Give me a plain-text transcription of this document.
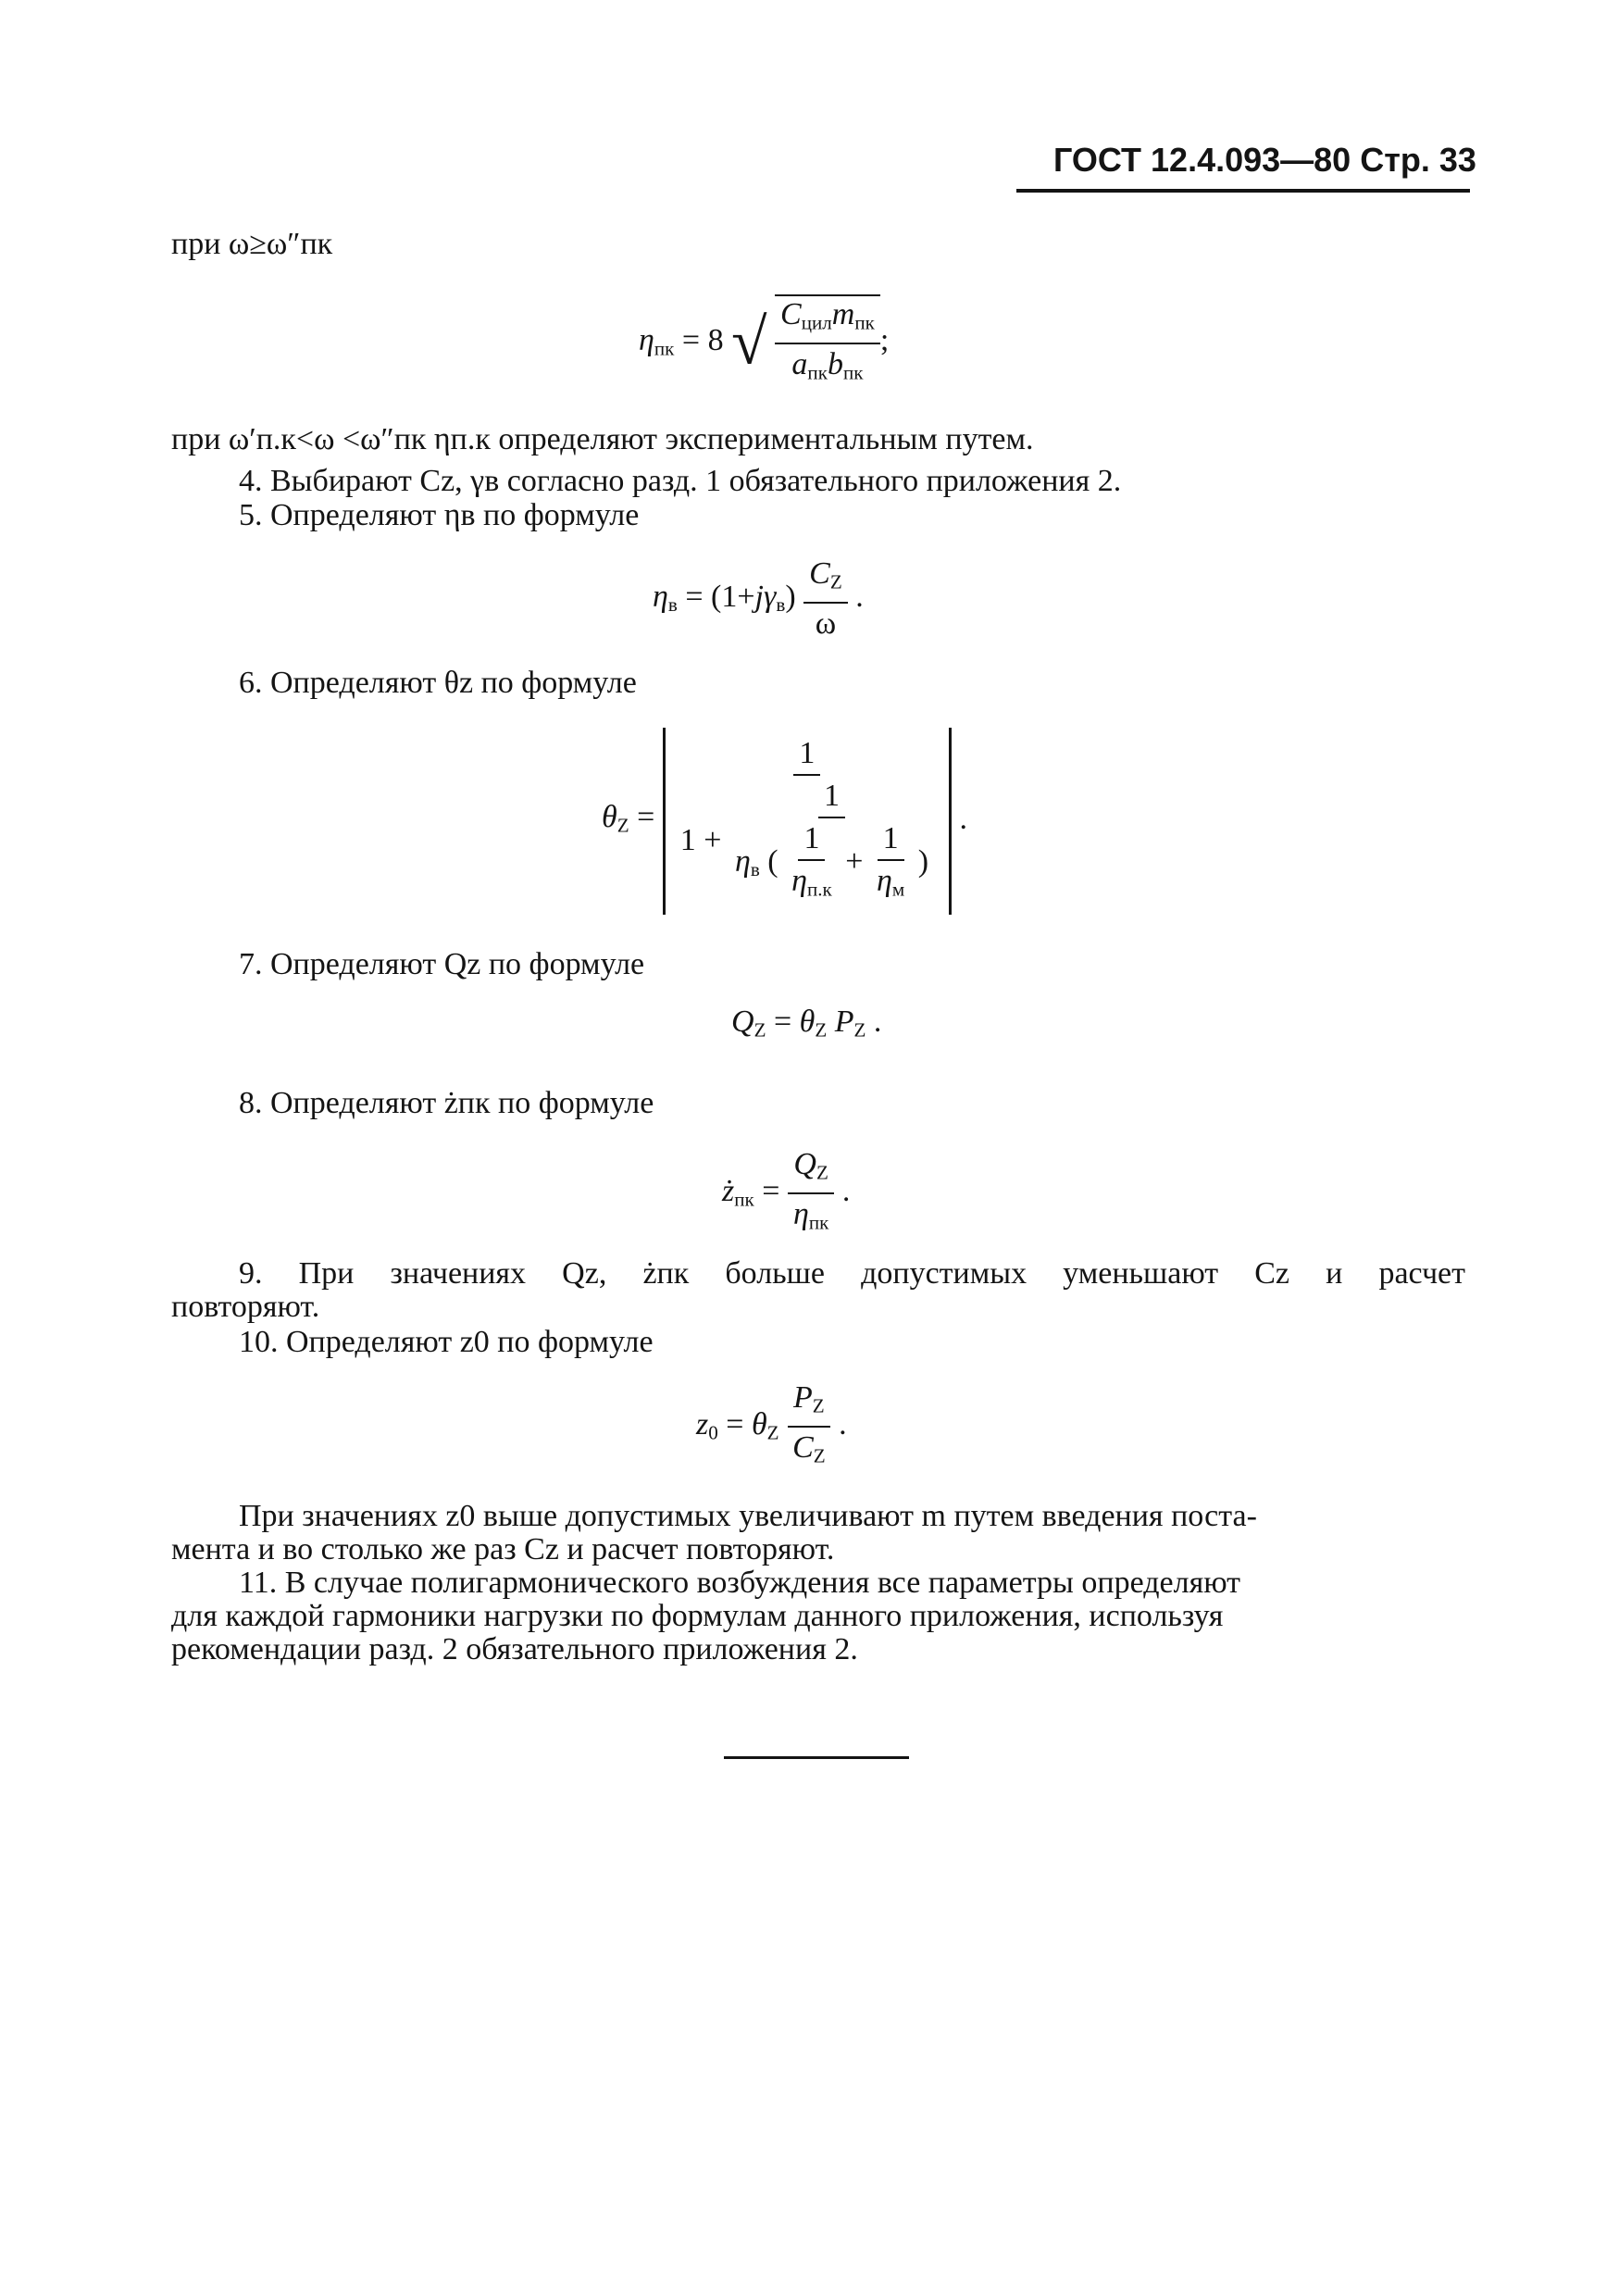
ГОСТ 12.4.093—80 Стр. 33
при ω≥ω″пк
$\eta_{пк} = 8$ √ $\frac{C_{цил}m_{пк}}{a_{пк}b_{пк}}$ ;
при ω′п.к<ω <ω″пк ηп.к определяют экспериментальным путем.
4. Выбирают Cz, γв согласно разд. 1 обязательного приложения 2.
5. Определяют ηв по формуле
$\eta_в = (1+j\gamma_в) \frac{C_Z}{\omega}$ .
6. Определяют θz по формуле
$\theta_Z$ =
1
$1 + \frac{1}{\eta_в ( \frac{1}{\eta_{п.к}} + \frac{1}{\eta_м} )}$ .
7. Определяют Qz по формуле
$Q_Z = \theta_Z$ $P_Z$ .
8. Определяют żпк по формуле
$ż_{пк} = \frac{Q_Z}{\eta_{пк}}$ .
9. При значениях Qz, żпк больше допустимых уменьшают Cz и расчет
повторяют.
10. Определяют z0 по формуле
$z_0 = \theta_Z \frac{P_Z}{C_Z}$ .
При значениях z0 выше допустимых увеличивают m путем введения поста-
мента и во столько же раз Cz и расчет повторяют.
11. В случае полигармонического возбуждения все параметры определяют
для каждой гармоники нагрузки по формулам данного приложения, используя
рекомендации разд. 2 обязательного приложения 2.
